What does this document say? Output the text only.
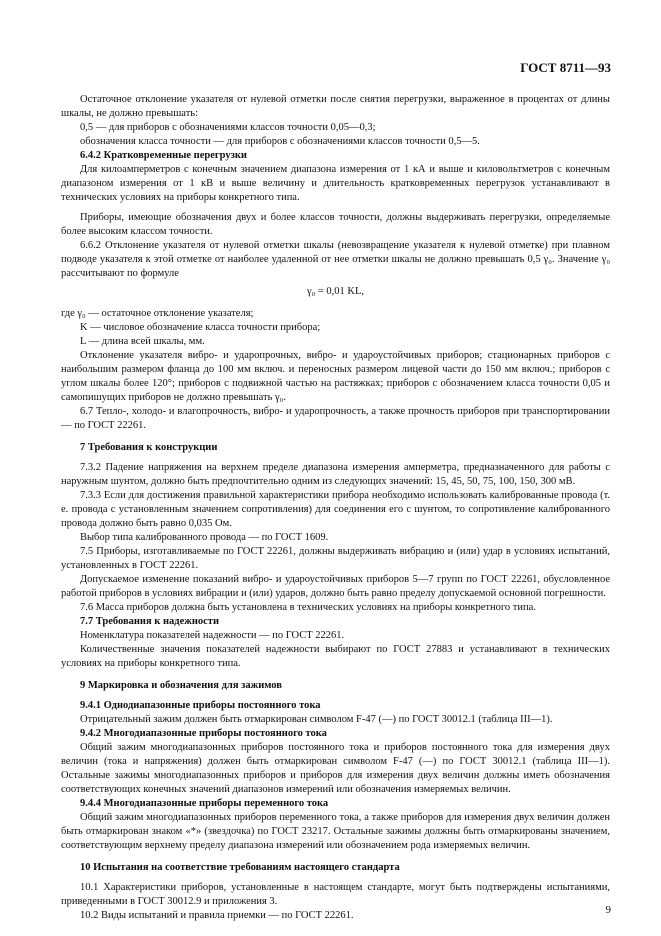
ГОСТ 8711—93

Остаточное отклонение указателя от нулевой отметки после снятия перегрузки, выраженное в процентах от длины шкалы, не должно превышать:

0,5 — для приборов с обозначениями классов точности 0,05—0,3;

обозначения класса точности — для приборов с обозначениями классов точности 0,5—5.

6.4.2 Кратковременные перегрузки

Для килоамперметров с конечным значением диапазона измерения от 1 кА и выше и киловольтметров с конечным диапазоном измерения от 1 кВ и выше величину и длительность кратковременных перегрузок устанавливают в технических условиях на приборы конкретного типа.

Приборы, имеющие обозначения двух и более классов точности, должны выдерживать перегрузки, определяемые более высоким классом точности.

6.6.2 Отклонение указателя от нулевой отметки шкалы (невозвращение указателя к нулевой отметке) при плавном подводе указателя к этой отметке от наиболее удаленной от нее отметки шкалы не должно превышать 0,5 γ₀. Значение γ₀ рассчитывают по формуле

γ₀ = 0,01 KL,

где γ₀ — остаточное отклонение указателя;

K — числовое обозначение класса точности прибора;

L — длина всей шкалы, мм.

Отклонение указателя вибро- и ударопрочных, вибро- и удароустойчивых приборов; стационарных приборов с наибольшим размером фланца до 100 мм включ. и переносных размером лицевой части до 150 мм включ.; приборов с углом шкалы более 120°; приборов с подвижной частью на растяжках; приборов с обозначением класса точности 0,05 и самопишущих приборов не должно превышать γ₀.

6.7 Тепло-, холодо- и влагопрочность, вибро- и ударопрочность, а также прочность приборов при транспортировании — по ГОСТ 22261.

7 Требования к конструкции

7.3.2 Падение напряжения на верхнем пределе диапазона измерения амперметра, предназначенного для работы с наружным шунтом, должно быть предпочтительно одним из следующих значений: 15, 45, 50, 75, 100, 150, 300 мВ.

7.3.3 Если для достижения правильной характеристики прибора необходимо использовать калиброванные провода (т. е. провода с установленным значением сопротивления) для соединения его с шунтом, то сопротивление калиброванного провода должно быть равно 0,035 Ом.

Выбор типа калиброванного провода — по ГОСТ 1609.

7.5 Приборы, изготавливаемые по ГОСТ 22261, должны выдерживать вибрацию и (или) удар в условиях испытаний, установленных в ГОСТ 22261.

Допускаемое изменение показаний вибро- и удароустойчивых приборов 5—7 групп по ГОСТ 22261, обусловленное работой приборов в условиях вибрации и (или) ударов, должно быть равно пределу допускаемой основной погрешности.

7.6 Масса приборов должна быть установлена в технических условиях на приборы конкретного типа.

7.7 Требования к надежности

Номенклатура показателей надежности — по ГОСТ 22261.

Количественные значения показателей надежности выбирают по ГОСТ 27883 и устанавливают в технических условиях на приборы конкретного типа.

9 Маркировка и обозначения для зажимов

9.4.1 Однодиапазонные приборы постоянного тока

Отрицательный зажим должен быть отмаркирован символом F-47 (—) по ГОСТ 30012.1 (таблица III—1).

9.4.2 Многодиапазонные приборы постоянного тока

Общий зажим многодиапазонных приборов постоянного тока и приборов постоянного тока для измерения двух величин (тока и напряжения) должен быть отмаркирован символом F-47 (—) по ГОСТ 30012.1 (таблица III—1). Остальные зажимы многодиапазонных приборов и приборов для измерения двух величин должны иметь обозначения соответствующих конечных значений диапазонов измерений или обозначения измеряемых величин.

9.4.4 Многодиапазонные приборы переменного тока

Общий зажим многодиапазонных приборов переменного тока, а также приборов для измерения двух величин должен быть отмаркирован знаком «*» (звездочка) по ГОСТ 23217. Остальные зажимы должны быть отмаркированы значением, соответствующим верхнему пределу диапазона измерений или обозначением рода измеряемых величин.

10 Испытания на соответствие требованиям настоящего стандарта

10.1 Характеристики приборов, установленные в настоящем стандарте, могут быть подтверждены испытаниями, приведенными в ГОСТ 30012.9 и приложения 3.

10.2 Виды испытаний и правила приемки — по ГОСТ 22261.	9
